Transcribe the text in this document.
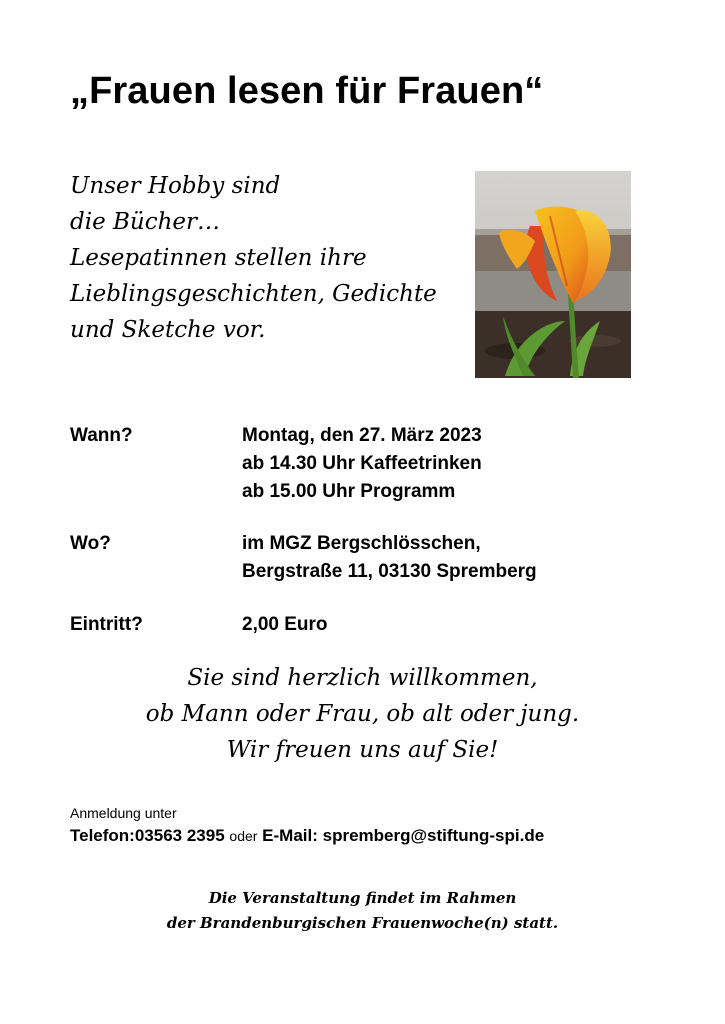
„Frauen lesen für Frauen“
Unser Hobby sind
die Bücher…
Lesepatinnen stellen ihre
Lieblingsgeschichten, Gedichte
und Sketche vor.
Wann?	Montag, den 27. März 2023
ab 14.30 Uhr Kaffeetrinken
ab 15.00 Uhr Programm
Wo?	im MGZ Bergschlösschen,
Bergstraße 11, 03130 Spremberg
Eintritt?	2,00 Euro
Sie sind herzlich willkommen,
ob Mann oder Frau, ob alt oder jung.
Wir freuen uns auf Sie!
Anmeldung unter
Telefon:03563 2395 oder E-Mail: spremberg@stiftung-spi.de
Die Veranstaltung findet im Rahmen
der Brandenburgischen Frauenwoche(n) statt.
